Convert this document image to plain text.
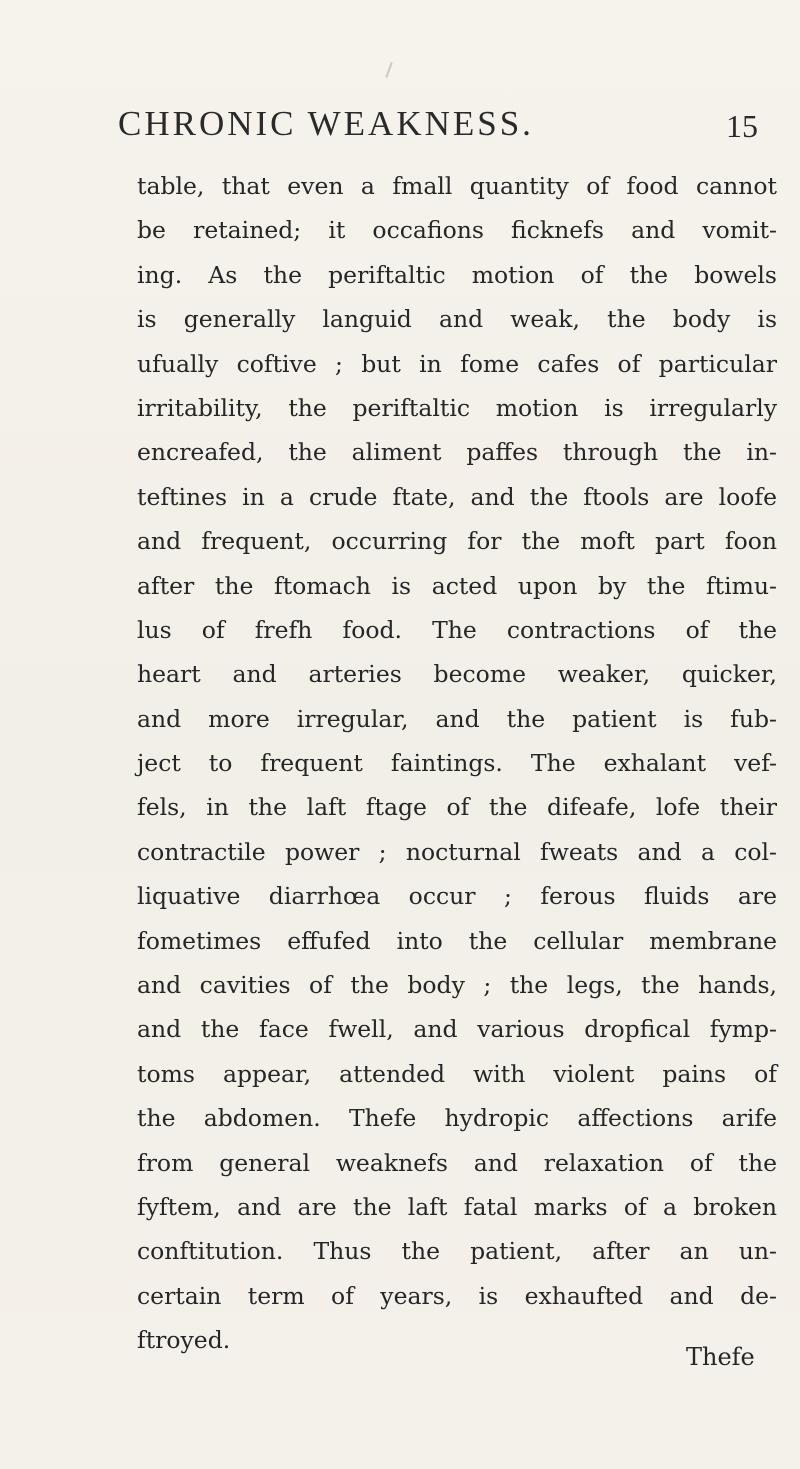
CHRONIC WEAKNESS.	15
table, that even a fmall quantity of food cannot
be retained; it occafions ficknefs and vomit-
ing. As the periftaltic motion of the bowels
is generally languid and weak, the body is
ufually coftive ; but in fome cafes of particular
irritability, the periftaltic motion is irregularly
encreafed, the aliment paffes through the in-
teftines in a crude ftate, and the ftools are loofe
and frequent, occurring for the moft part foon
after the ftomach is acted upon by the ftimu-
lus of frefh food. The contractions of the
heart and arteries become weaker, quicker,
and more irregular, and the patient is fub-
ject to frequent faintings. The exhalant vef-
fels, in the laft ftage of the difeafe, lofe their
contractile power ; nocturnal fweats and a col-
liquative diarrhœa occur ; ferous fluids are
fometimes effufed into the cellular membrane
and cavities of the body ; the legs, the hands,
and the face fwell, and various dropfical fymp-
toms appear, attended with violent pains of
the abdomen. Thefe hydropic affections arife
from general weaknefs and relaxation of the
fyftem, and are the laft fatal marks of a broken
conftitution. Thus the patient, after an un-
certain term of years, is exhaufted and de-
ftroyed.
Thefe
